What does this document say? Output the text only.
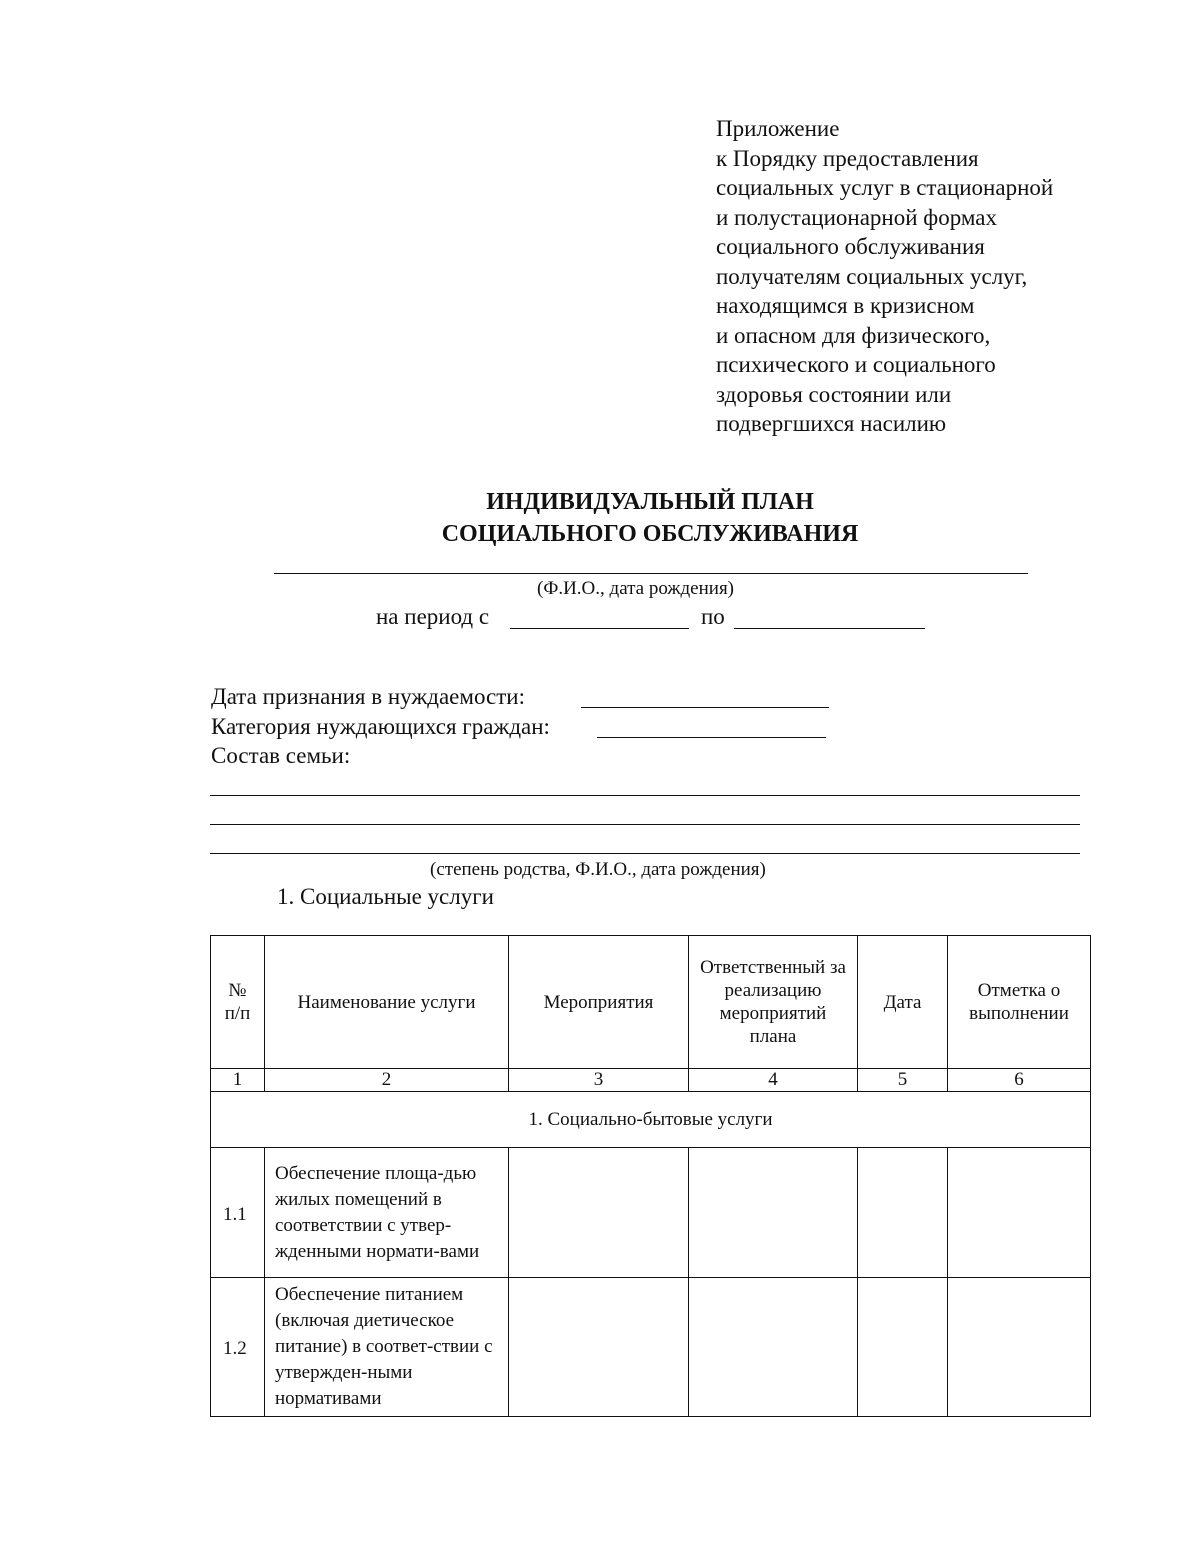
Приложение
к Порядку предоставления
социальных услуг в стационарной
и полустационарной формах
социального обслуживания
получателям социальных услуг,
находящимся в кризисном
и опасном для физического,
психического и социального
здоровья состоянии или
подвергшихся насилию
ИНДИВИДУАЛЬНЫЙ ПЛАН
СОЦИАЛЬНОГО ОБСЛУЖИВАНИЯ
(Ф.И.О., дата рождения)
на период с	по
Дата признания в нуждаемости:
Категория нуждающихся граждан:
Состав семьи:
(степень родства, Ф.И.О., дата рождения)
1. Социальные услуги
№ п/п	Наименование услуги	Мероприятия	Ответственный за реализацию мероприятий плана	Дата	Отметка о выполнении
1	2	3	4	5	6
1. Социально-бытовые услуги					
1.1	Обеспечение площа-дью жилых помещений в соответствии с утвер-жденными нормати-вами				
1.2	Обеспечение питанием (включая диетическое питание) в соответ-ствии с утвержден-ными нормативами				
